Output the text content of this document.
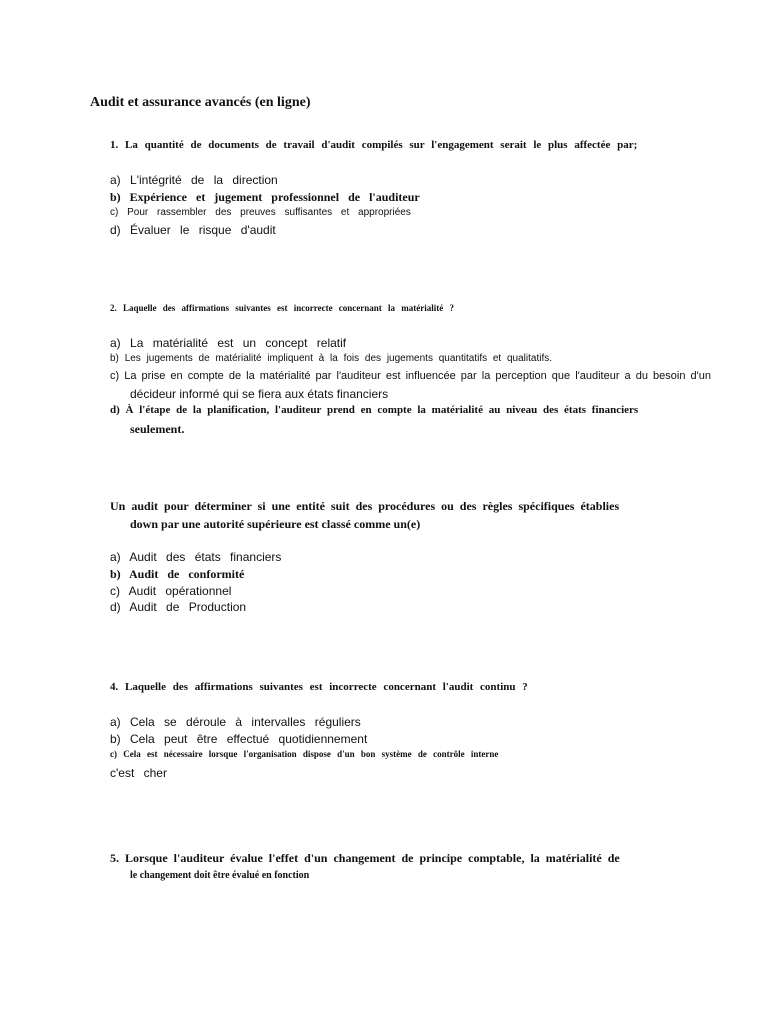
Audit et assurance avancés (en ligne)
1. La quantité de documents de travail d'audit compilés sur l'engagement serait le plus affectée par;
a) L'intégrité de la direction
b) Expérience et jugement professionnel de l'auditeur
c) Pour rassembler des preuves suffisantes et appropriées
d) Évaluer le risque d'audit
2. Laquelle des affirmations suivantes est incorrecte concernant la matérialité ?
a) La matérialité est un concept relatif
b) Les jugements de matérialité impliquent à la fois des jugements quantitatifs et qualitatifs.
c) La prise en compte de la matérialité par l'auditeur est influencée par la perception que l'auditeur a du besoin d'un
décideur informé qui se fiera aux états financiers
d) À l'étape de la planification, l'auditeur prend en compte la matérialité au niveau des états financiers
seulement.
Un audit pour déterminer si une entité suit des procédures ou des règles spécifiques établies
down par une autorité supérieure est classé comme un(e)
a) Audit des états financiers
b) Audit de conformité
c) Audit opérationnel
d) Audit de Production
4. Laquelle des affirmations suivantes est incorrecte concernant l'audit continu ?
a) Cela se déroule à intervalles réguliers
b) Cela peut être effectué quotidiennement
c) Cela est nécessaire lorsque l'organisation dispose d'un bon système de contrôle interne
c'est cher
5. Lorsque l'auditeur évalue l'effet d'un changement de principe comptable, la matérialité de
le changement doit être évalué en fonction
